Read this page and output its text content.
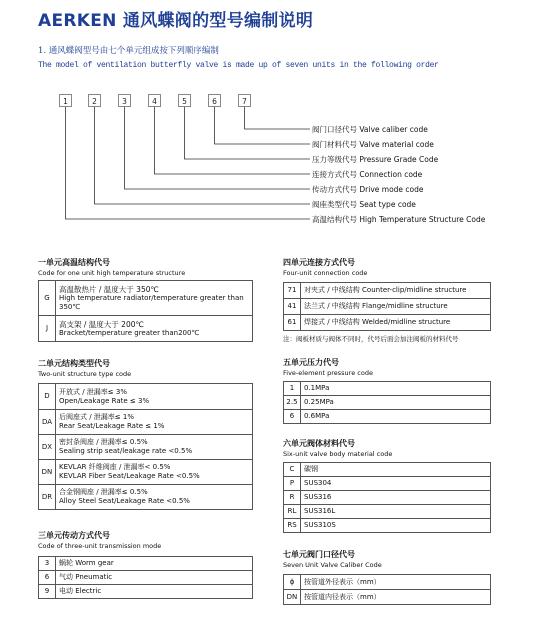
AERKEN 通风蝶阀的型号编制说明
1. 通风蝶阀型号由七个单元组成按下列顺序编制
The model of ventilation butterfly valve is made up of seven units in the following order
1	2	3	4	5	6	7
阀门口径代号 Valve caliber code
阀门材料代号 Valve material code
压力等级代号 Pressure Grade Code
连接方式代号 Connection code
传动方式代号 Drive mode code
阀座类型代号 Seat type code
高温结构代号 High Temperature Structure Code
一单元高温结构代号
Code for one unit high temperature structure
G	高温散热片 / 温度大于 350℃
High temperature radiator/temperature greater than 350℃

J	高支架 / 温度大于 200℃
Bracket/temperature greater than200℃
二单元结构类型代号
Two-unit structure type code
D	开放式 / 泄漏率≤ 3%
Open/Leakage Rate ≤ 3%

DA	后阀座式 / 泄漏率≤ 1%
Rear Seat/Leakage Rate ≤ 1%

DX	密封条阀座 / 泄漏率≤ 0.5%
Sealing strip seat/leakage rate <0.5%

DN	KEVLAR 纤维阀座 / 泄漏率< 0.5%
KEVLAR Fiber Seat/Leakage Rate <0.5%

DR	合金钢阀座 / 泄漏率≤ 0.5%
Alloy Steel Seat/Leakage Rate <0.5%
三单元传动方式代号
Code of three-unit transmission mode
3	蜗轮 Worm gear
6	气动 Pneumatic
9	电动 Electric
四单元连接方式代号
Four-unit connection code
71	对夹式 / 中线结构 Counter-clip/midline structure
41	法兰式 / 中线结构 Flange/midline structure
61	焊接式 / 中线结构 Welded/midline structure
注：阀板材质与阀体不同时，代号后面会加注阀板的材料代号
五单元压力代号
Five-element pressure code
1	0.1MPa
2.5	0.25MPa
6	0.6MPa
六单元阀体材料代号
Six-unit valve body material code
C	碳钢
P	SUS304
R	SUS316
RL	SUS316L
RS	SUS310S
七单元阀门口径代号
Seven Unit Valve Caliber Code
ϕ	按管道外径表示（mm）
DN	按管道内径表示（mm）
